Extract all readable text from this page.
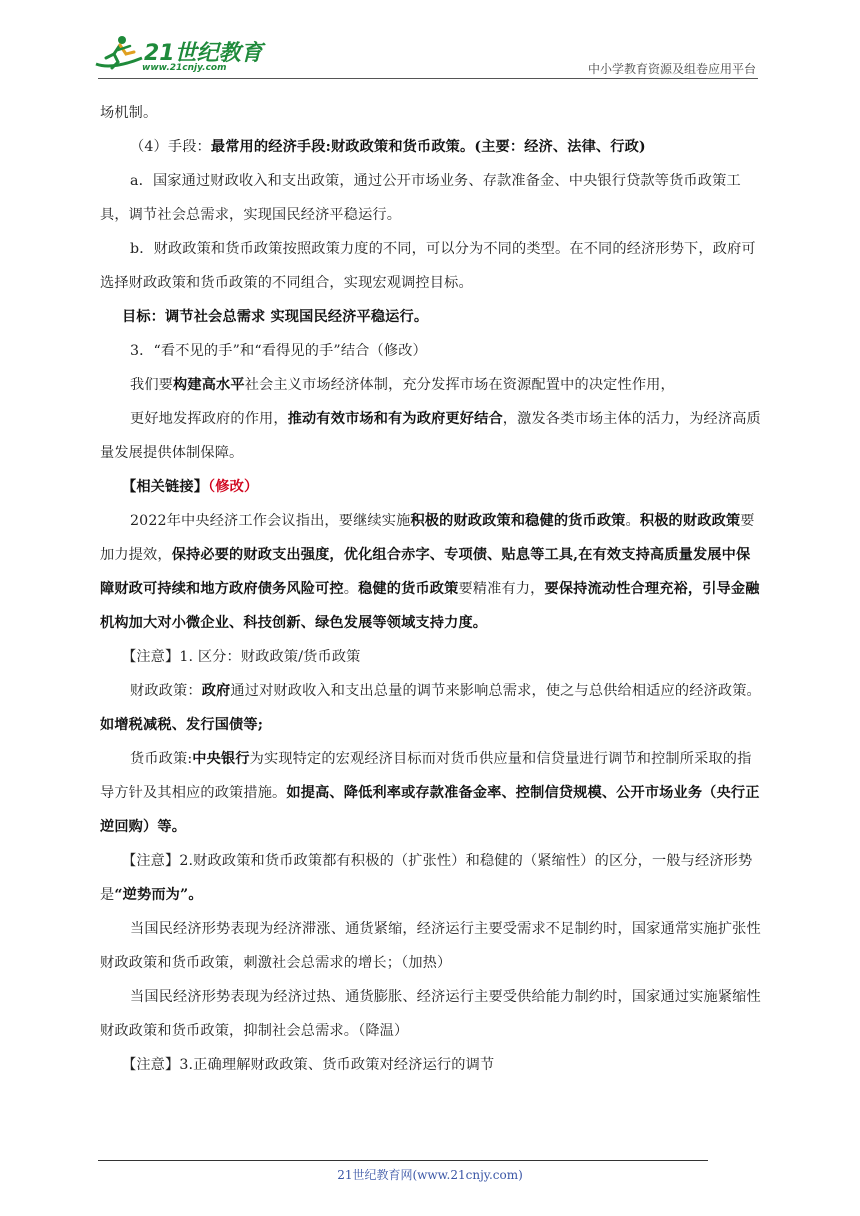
21世纪教育
www.21cnjy.com	中小学教育资源及组卷应用平台

场机制。

（4）手段：最常用的经济手段:财政政策和货币政策。(主要：经济、法律、行政)

a．国家通过财政收入和支出政策，通过公开市场业务、存款准备金、中央银行贷款等货币政策工具，调节社会总需求，实现国民经济平稳运行。

b．财政政策和货币政策按照政策力度的不同，可以分为不同的类型。在不同的经济形势下，政府可选择财政政策和货币政策的不同组合，实现宏观调控目标。

目标：调节社会总需求 实现国民经济平稳运行。

3．“看不见的手”和“看得见的手”结合（修改）

我们要构建高水平社会主义市场经济体制，充分发挥市场在资源配置中的决定性作用，

更好地发挥政府的作用，推动有效市场和有为政府更好结合，激发各类市场主体的活力，为经济高质量发展提供体制保障。

【相关链接】（修改）

2022年中央经济工作会议指出，要继续实施积极的财政政策和稳健的货币政策。积极的财政政策要加力提效，保持必要的财政支出强度，优化组合赤字、专项债、贴息等工具,在有效支持高质量发展中保障财政可持续和地方政府债务风险可控。稳健的货币政策要精准有力，要保持流动性合理充裕，引导金融机构加大对小微企业、科技创新、绿色发展等领域支持力度。

【注意】1. 区分：财政政策/货币政策

财政政策：政府通过对财政收入和支出总量的调节来影响总需求，使之与总供给相适应的经济政策。如增税减税、发行国债等;

货币政策:中央银行为实现特定的宏观经济目标而对货币供应量和信贷量进行调节和控制所采取的指导方针及其相应的政策措施。如提高、降低利率或存款准备金率、控制信贷规模、公开市场业务（央行正逆回购）等。

【注意】2.财政政策和货币政策都有积极的（扩张性）和稳健的（紧缩性）的区分，一般与经济形势是“逆势而为”。

当国民经济形势表现为经济滞涨、通货紧缩，经济运行主要受需求不足制约时，国家通常实施扩张性财政政策和货币政策，刺激社会总需求的增长；（加热）

当国民经济形势表现为经济过热、通货膨胀、经济运行主要受供给能力制约时，国家通过实施紧缩性财政政策和货币政策，抑制社会总需求。（降温）

【注意】3.正确理解财政政策、货币政策对经济运行的调节

21世纪教育网(www.21cnjy.com)
